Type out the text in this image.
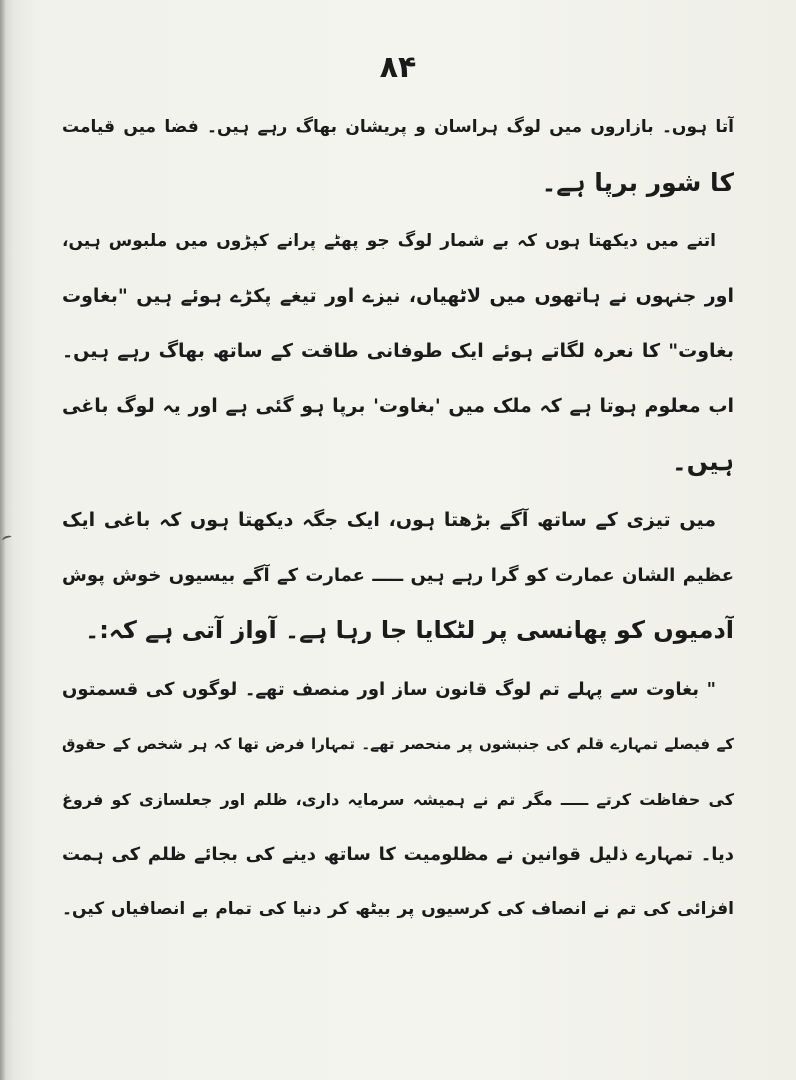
۸۴
آتا ہوں۔ بازاروں میں لوگ ہراسان و پریشان بھاگ رہے ہیں۔ فضا میں قیامت
کا شور برپا ہے۔
اتنے میں دیکھتا ہوں کہ بے شمار لوگ جو پھٹے پرانے کپڑوں میں ملبوس ہیں،
اور جنہوں نے ہاتھوں میں لاٹھیاں، نیزے اور تیغے پکڑے ہوئے ہیں "بغاوت
بغاوت" کا نعرہ لگاتے ہوئے ایک طوفانی طاقت کے ساتھ بھاگ رہے ہیں۔
اب معلوم ہوتا ہے کہ ملک میں 'بغاوت' برپا ہو گئی ہے اور یہ لوگ باغی
ہیں۔
میں تیزی کے ساتھ آگے بڑھتا ہوں، ایک جگہ دیکھتا ہوں کہ باغی ایک
عظیم الشان عمارت کو گرا رہے ہیں ـــــ عمارت کے آگے بیسیوں خوش پوش
آدمیوں کو پھانسی پر لٹکایا جا رہا ہے۔ آواز آتی ہے کہ:۔
" بغاوت سے پہلے تم لوگ قانون ساز اور منصف تھے۔ لوگوں کی قسمتوں
کے فیصلے تمہارے قلم کی جنبشوں پر منحصر تھے۔ تمہارا فرض تھا کہ ہر شخص کے حقوق
کی حفاظت کرتے ـــــ مگر تم نے ہمیشہ سرمایہ داری، ظلم اور جعلسازی کو فروغ
دیا۔ تمہارے ذلیل قوانین نے مظلومیت کا ساتھ دینے کی بجائے ظلم کی ہمت
افزائی کی تم نے انصاف کی کرسیوں پر بیٹھ کر دنیا کی تمام بے انصافیاں کیں۔
